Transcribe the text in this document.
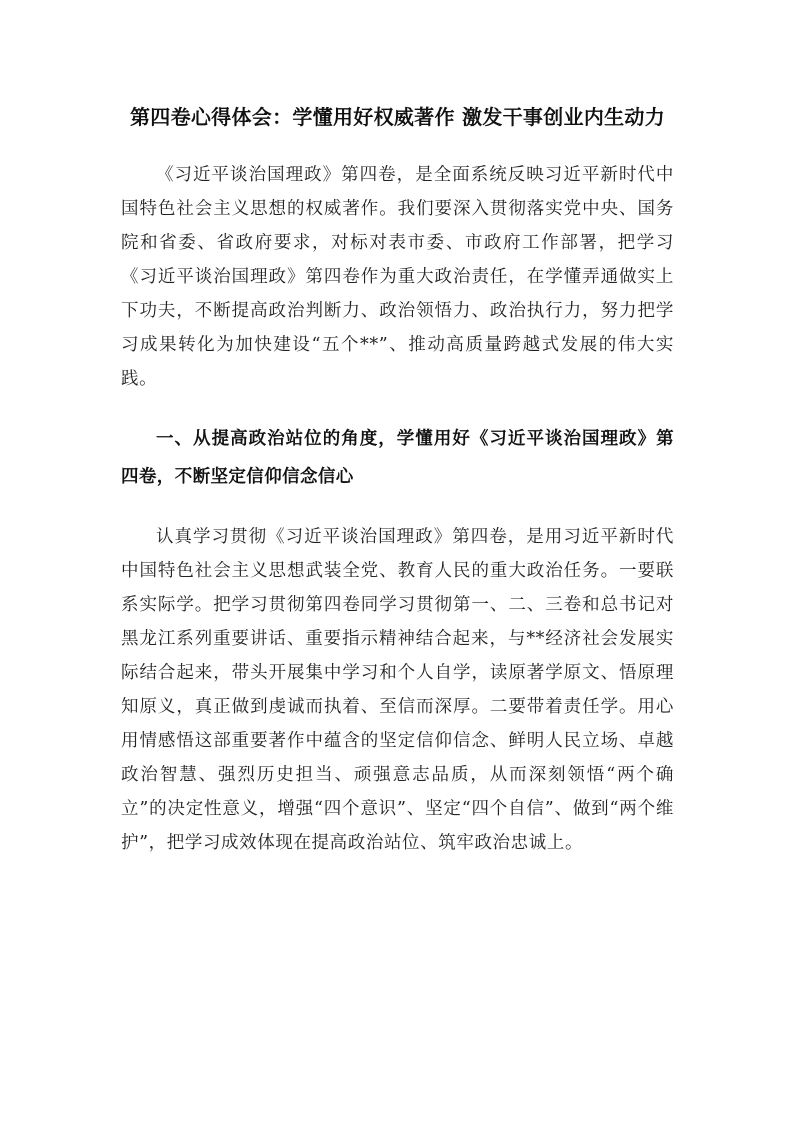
第四卷心得体会：学懂用好权威著作 激发干事创业内生动力

《习近平谈治国理政》第四卷，是全面系统反映习近平新时代中国特色社会主义思想的权威著作。我们要深入贯彻落实党中央、国务院和省委、省政府要求，对标对表市委、市政府工作部署，把学习《习近平谈治国理政》第四卷作为重大政治责任，在学懂弄通做实上下功夫，不断提高政治判断力、政治领悟力、政治执行力，努力把学习成果转化为加快建设“五个**”、推动高质量跨越式发展的伟大实践。

一、从提高政治站位的角度，学懂用好《习近平谈治国理政》第四卷，不断坚定信仰信念信心

认真学习贯彻《习近平谈治国理政》第四卷，是用习近平新时代中国特色社会主义思想武装全党、教育人民的重大政治任务。一要联系实际学。把学习贯彻第四卷同学习贯彻第一、二、三卷和总书记对黑龙江系列重要讲话、重要指示精神结合起来，与**经济社会发展实际结合起来，带头开展集中学习和个人自学，读原著学原文、悟原理知原义，真正做到虔诚而执着、至信而深厚。二要带着责任学。用心用情感悟这部重要著作中蕴含的坚定信仰信念、鲜明人民立场、卓越政治智慧、强烈历史担当、顽强意志品质，从而深刻领悟“两个确立”的决定性意义，增强“四个意识”、坚定“四个自信”、做到“两个维护”，把学习成效体现在提高政治站位、筑牢政治忠诚上。
